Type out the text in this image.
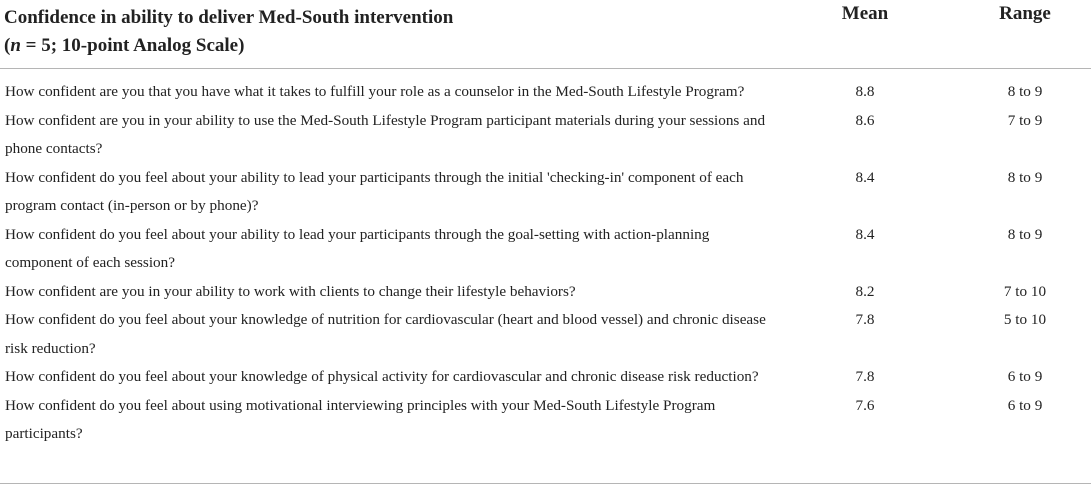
Confidence in ability to deliver Med-South intervention
(n = 5; 10-point Analog Scale)
Mean	Range
How confident are you that you have what it takes to fulfill your role as a counselor in the Med-South Lifestyle Program?	8.8	8 to 9
How confident are you in your ability to use the Med-South Lifestyle Program participant materials during your sessions and phone contacts?
8.6	7 to 9
How confident do you feel about your ability to lead your participants through the initial 'checking-in' component of each program contact (in-person or by phone)?
8.4	8 to 9
How confident do you feel about your ability to lead your participants through the goal-setting with action-planning component of each session?
8.4	8 to 9
How confident are you in your ability to work with clients to change their lifestyle behaviors?	8.2	7 to 10
How confident do you feel about your knowledge of nutrition for cardiovascular (heart and blood vessel) and chronic disease risk reduction?
7.8	5 to 10
How confident do you feel about your knowledge of physical activity for cardiovascular and chronic disease risk reduction?	7.8	6 to 9
How confident do you feel about using motivational interviewing principles with your Med-South Lifestyle Program participants?
7.6	6 to 9
